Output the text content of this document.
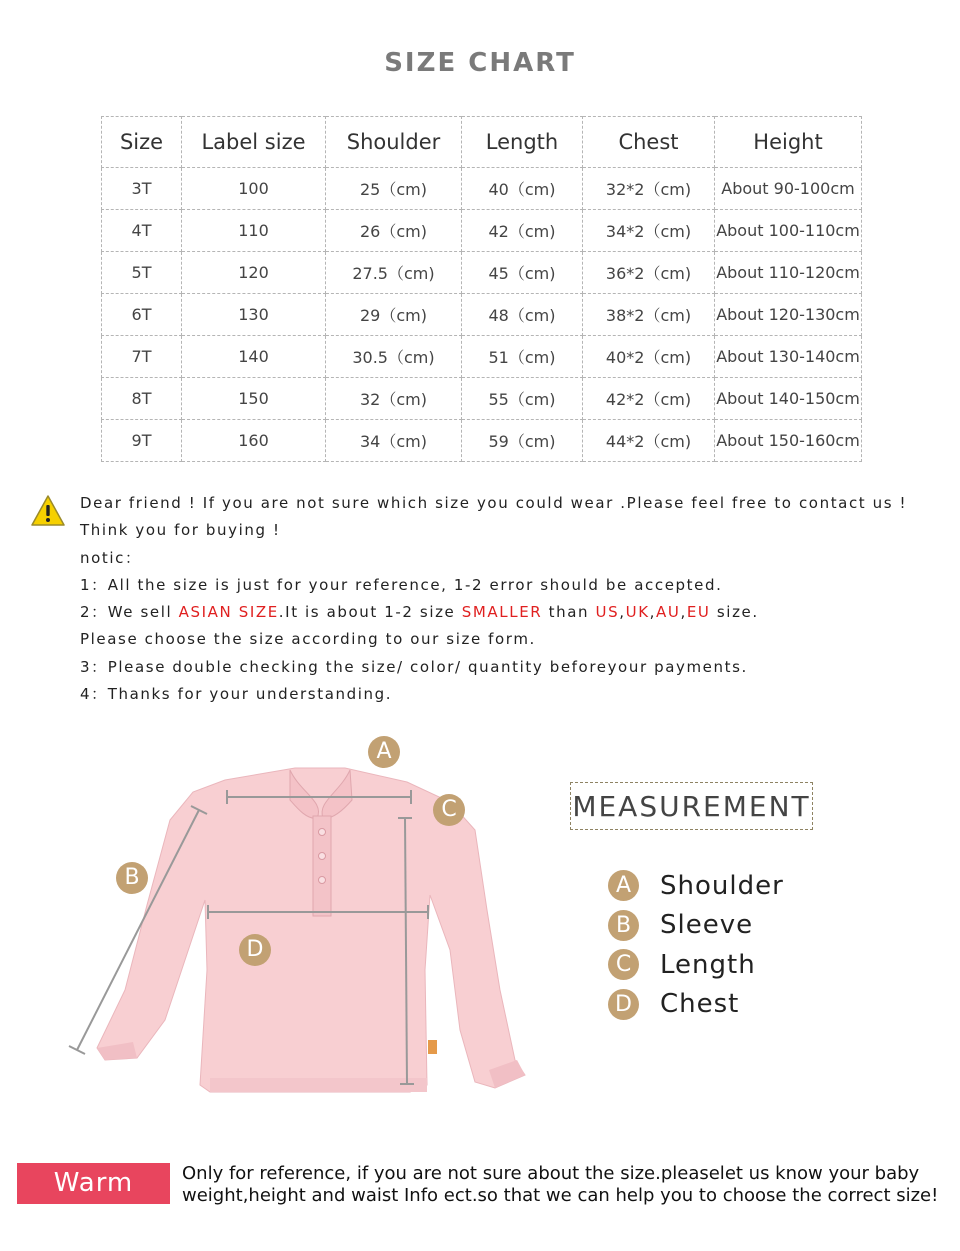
SIZE CHART
Size	Label size	Shoulder	Length	Chest	Height
3T	100	25（cm)	40（cm)	32*2（cm)	About 90-100cm
4T	110	26（cm)	42（cm)	34*2（cm)	About 100-110cm
5T	120	27.5（cm)	45（cm)	36*2（cm)	About 110-120cm
6T	130	29（cm)	48（cm)	38*2（cm)	About 120-130cm
7T	140	30.5（cm)	51（cm)	40*2（cm)	About 130-140cm
8T	150	32（cm)	55（cm)	42*2（cm)	About 140-150cm
9T	160	34（cm)	59（cm)	44*2（cm)	About 150-160cm

Dear friend ! If you are not sure which size you could wear .Please feel free to contact us !

Think you for buying !

notic：

1：All the size is just for your reference, 1-2 error should be accepted.

2：We sell ASIAN SIZE.It is about 1-2 size SMALLER than US,UK,AU,EU size.

Please choose the size according to our size form.

3：Please double checking the size/ color/ quantity beforeyour payments.

4：Thanks for your understanding.

A
C
B
D
MEASUREMENT
A	Shoulder
B	Sleeve
C	Length
D Chest
Warm Tips:

Only for reference, if you are not sure about the size.pleaselet us know your baby

weight,height and waist Info ect.so that we can help you to choose the correct size!
